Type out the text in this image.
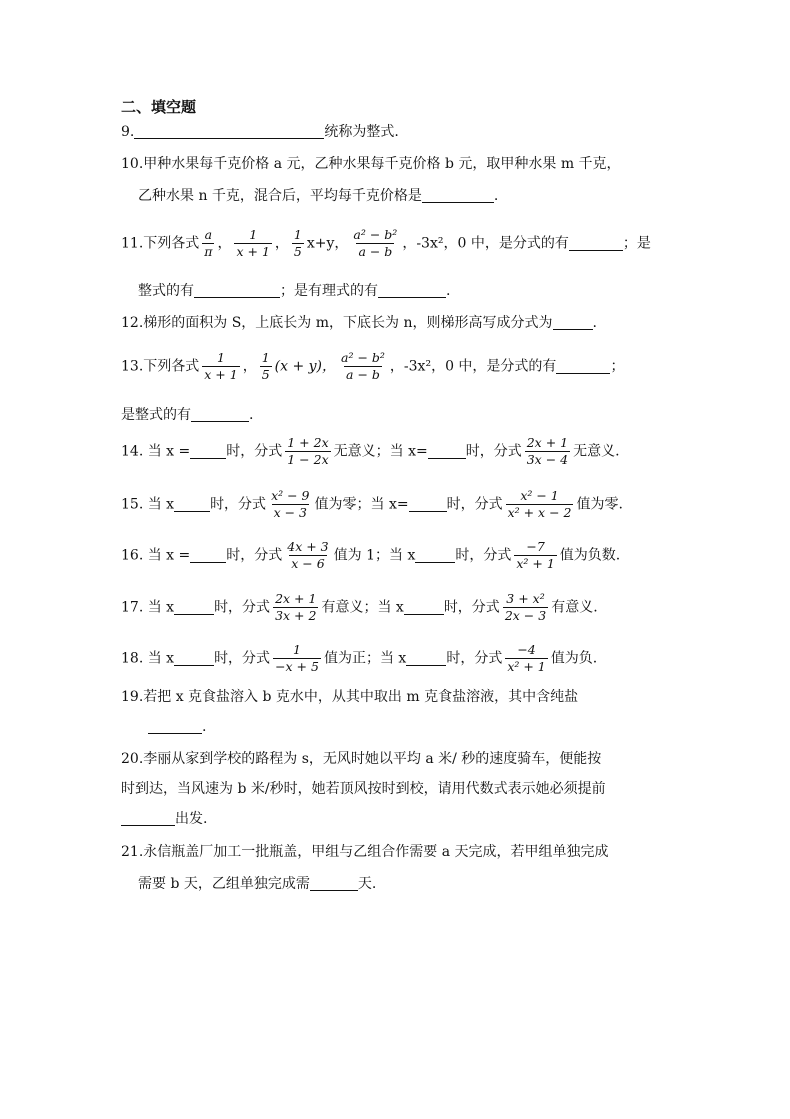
二、填空题
9.	统称为整式.
10.甲种水果每千克价格 a 元，乙种水果每千克价格 b 元，取甲种水果 m 千克，
乙种水果 n 千克，混合后，平均每千克价格是	.
11.下列各式 $\frac{a}{\pi}$ ， $\frac{1}{x + 1}$ ， $\frac{1}{5} x+y$， $\frac{\text{a² − b²}}{a - b}$ ，-3x²，0 中，是分式的有	；是
整式的有	；是有理式的有	.
12.梯形的面积为 S，上底长为 m，下底长为 n，则梯形高写成分式为	.
13.下列各式 $\frac{1}{x + 1}$ ， $\frac{1}{5} (x + y)$， $\frac{\text{a² − b²}}{a - b}$ ，-3x²，0 中，是分式的有	；
是整式的有	.
14. 当 x =	时，分式 $\frac{1 + 2x}{1 - 2x}$ 无意义；当 x=	时，分式 $\frac{2x + 1}{3x - 4}$ 无意义.
15. 当 x	时，分式 $\frac{\text{x² − 9}}{x - 3}$ 值为零；当 x=	时，分式 $\frac{\text{x² − 1}}{\text{x² + x − 2}}$ 值为零.
16. 当 x =	时，分式 $\frac{4x + 3}{x - 6}$ 值为 1；当 x	时，分式 $\frac{-7}{\text{x² + 1}}$ 值为负数.
17. 当 x	时，分式 $\frac{2x + 1}{3x + 2}$ 有意义；当 x	时，分式 $\frac{\text{3 + x²}}{2x - 3}$ 有意义.
18. 当 x	时，分式 $\frac{1}{-x + 5}$ 值为正；当 x	时，分式 $\frac{-4}{\text{x² + 1}}$ 值为负.
19.若把 x 克食盐溶入 b 克水中，从其中取出 m 克食盐溶液，其中含纯盐
.
20.李丽从家到学校的路程为 s，无风时她以平均 a 米/ 秒的速度骑车，便能按
时到达，当风速为 b 米/秒时，她若顶风按时到校，请用代数式表示她必须提前
出发.
21.永信瓶盖厂加工一批瓶盖，甲组与乙组合作需要 a 天完成，若甲组单独完成
需要 b 天，乙组单独完成需	天.
